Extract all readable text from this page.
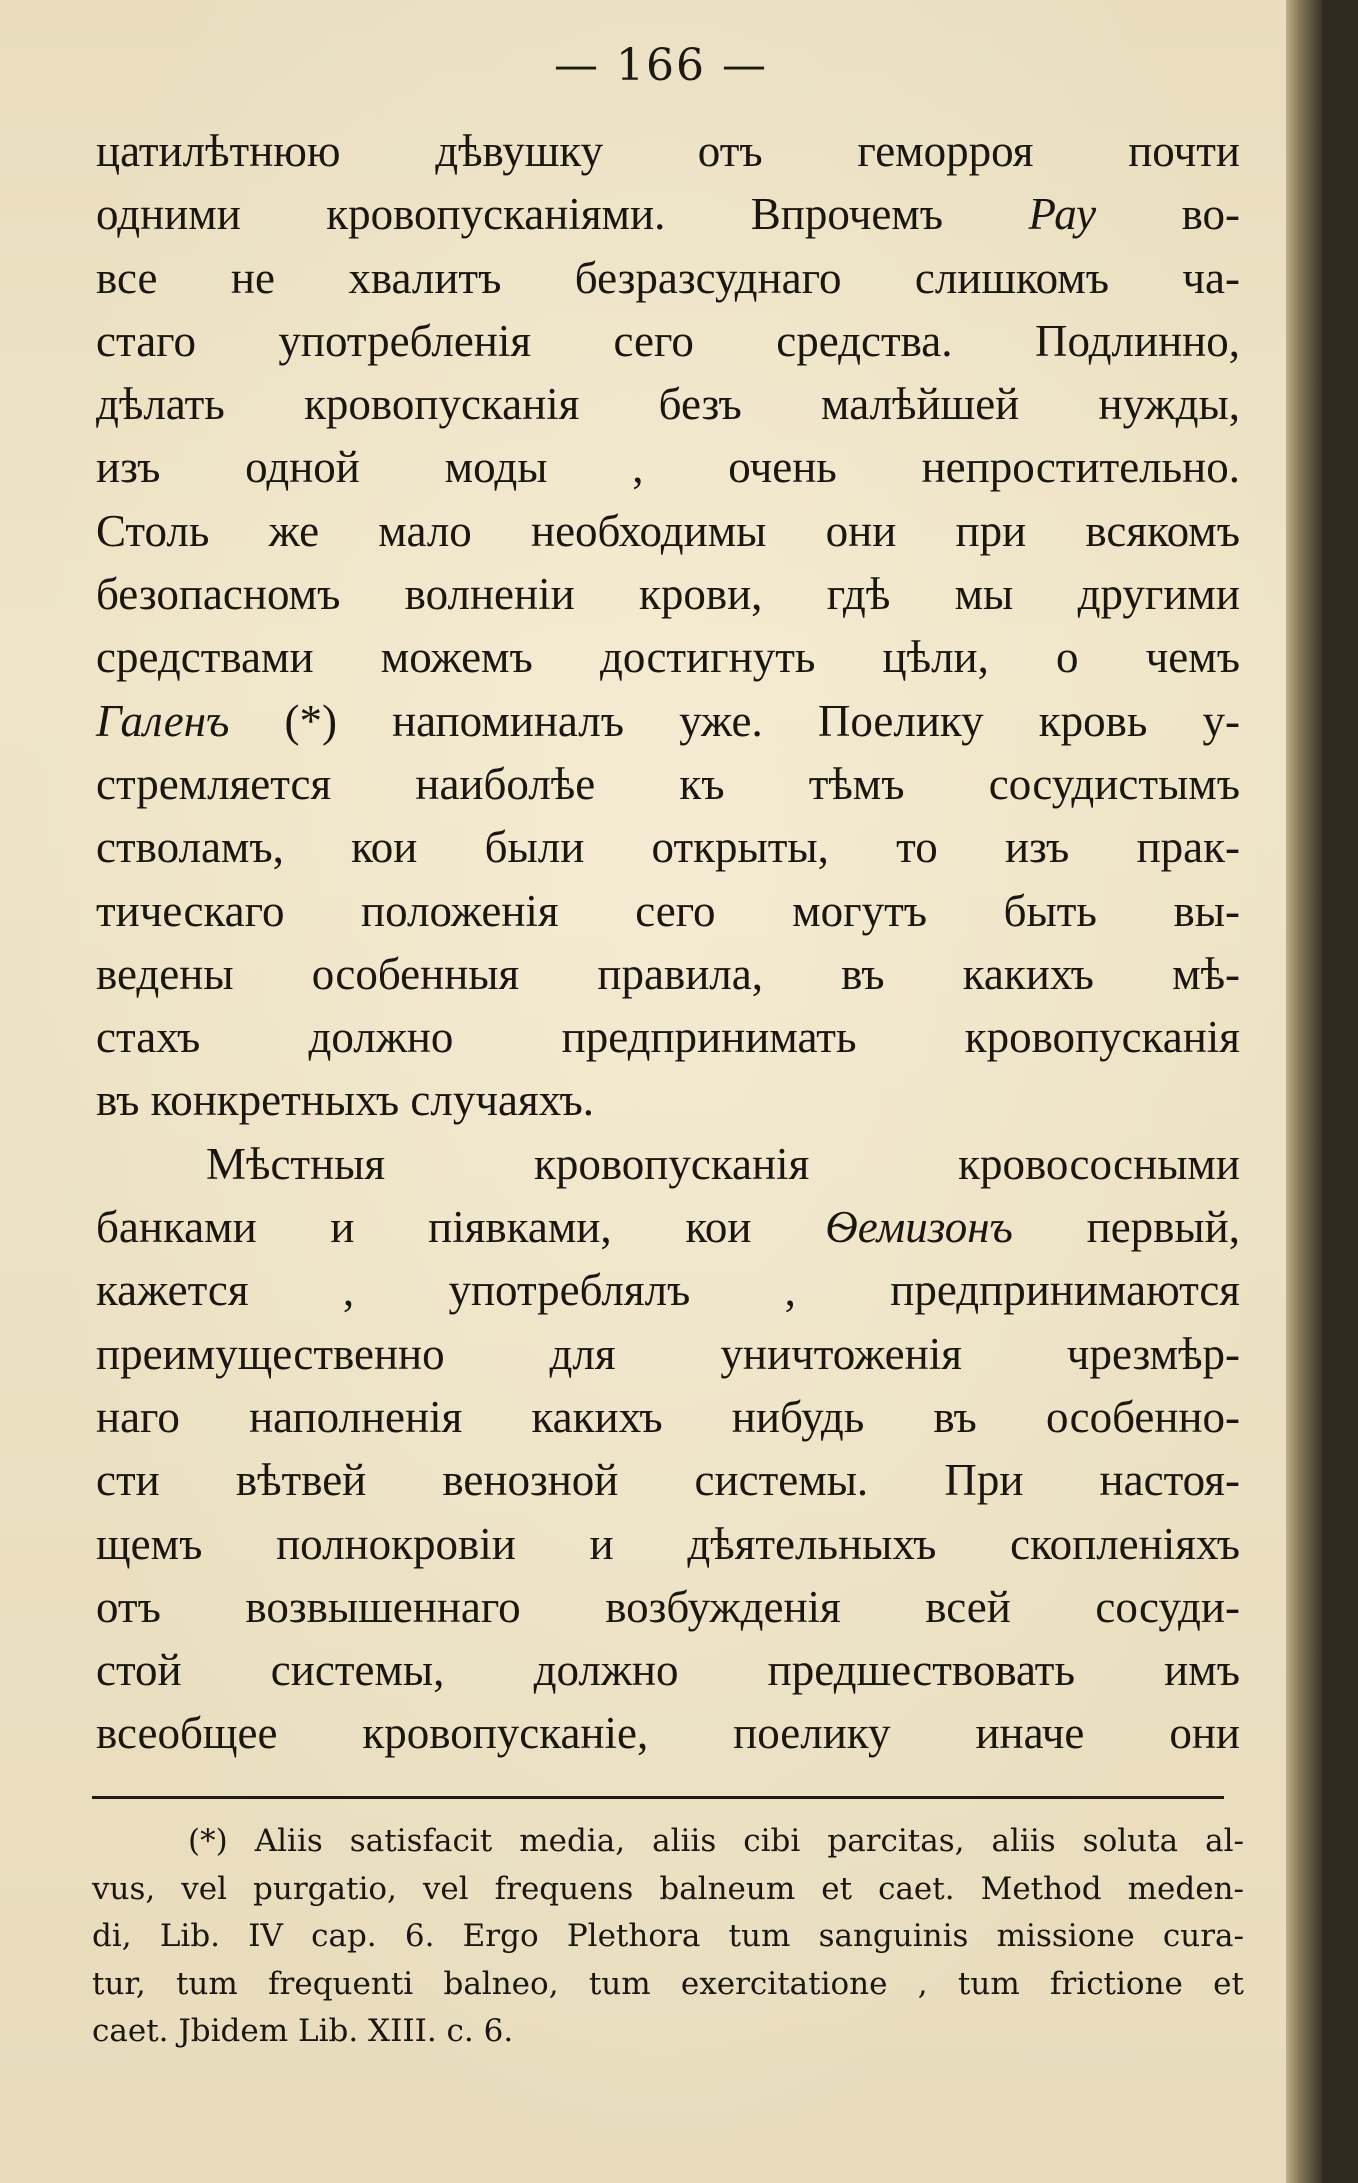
— 166 —
цатилѣтнюю дѣвушку отъ геморроя почти
одними кровопусканіями. Впрочемъ Рау во-
все не хвалитъ безразсуднаго слишкомъ ча-
стаго употребленія сего средства. Подлинно,
дѣлать кровопусканія безъ малѣйшей нужды,
изъ одной моды , очень непростительно.
Столь же мало необходимы они при всякомъ
безопасномъ волненіи крови, гдѣ мы другими
средствами можемъ достигнуть цѣли, о чемъ
Галенъ (*) напоминалъ уже. Поелику кровь у-
стремляется наиболѣе къ тѣмъ сосудистымъ
стволамъ, кои были открыты, то изъ прак-
тическаго положенія сего могутъ быть вы-
ведены особенныя правила, въ какихъ мѣ-
стахъ должно предпринимать кровопусканія
въ конкретныхъ случаяхъ.
Мѣстныя кровопусканія кровососными
банками и піявками, кои Ѳемизонъ первый,
кажется , употреблялъ , предпринимаются
преимущественно для уничтоженія чрезмѣр-
наго наполненія какихъ нибудь въ особенно-
сти вѣтвей венозной системы. При настоя-
щемъ полнокровіи и дѣятельныхъ скопленіяхъ
отъ возвышеннаго возбужденія всей сосуди-
стой системы, должно предшествовать имъ
всеобщее кровопусканіе, поелику иначе они
(*) Aliis satisfacit media, aliis cibi parcitas, aliis soluta al-
vus, vel purgatio, vel frequens balneum et caet. Method meden-
di, Lib. IV cap. 6. Ergo Plethora tum sanguinis missione cura-
tur, tum frequenti balneo, tum exercitatione , tum frictione et
caet. Jbidem Lib. XIII. c. 6.
